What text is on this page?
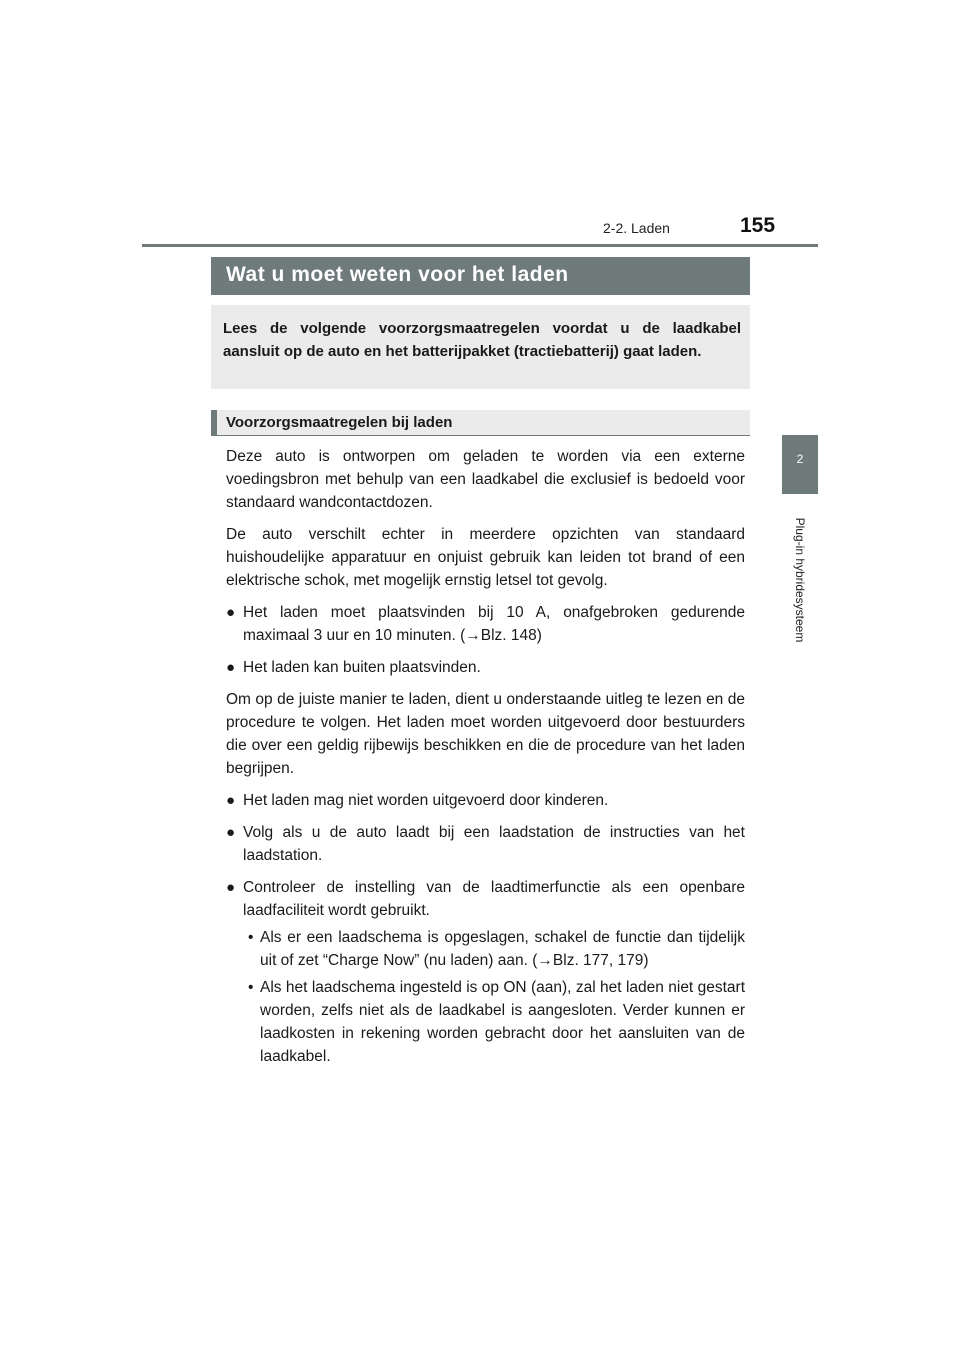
2-2. Laden	155
2
Plug-in hybridesysteem
Wat u moet weten voor het laden
Lees de volgende voorzorgsmaatregelen voordat u de laadkabel aansluit op de auto en het batterijpakket (tractiebatterij) gaat laden.
Voorzorgsmaatregelen bij laden

Deze auto is ontworpen om geladen te worden via een externe voedingsbron met behulp van een laadkabel die exclusief is bedoeld voor standaard wandcontactdozen.

De auto verschilt echter in meerdere opzichten van standaard huishoudelijke apparatuur en onjuist gebruik kan leiden tot brand of een elektrische schok, met mogelijk ernstig letsel tot gevolg.

● Het laden moet plaatsvinden bij 10 A, onafgebroken gedurende maximaal 3 uur en 10 minuten. (→Blz. 148)
● Het laden kan buiten plaatsvinden.

Om op de juiste manier te laden, dient u onderstaande uitleg te lezen en de procedure te volgen. Het laden moet worden uitgevoerd door bestuurders die over een geldig rijbewijs beschikken en die de procedure van het laden begrijpen.

● Het laden mag niet worden uitgevoerd door kinderen.
● Volg als u de auto laadt bij een laadstation de instructies van het laadstation.
● Controleer de instelling van de laadtimerfunctie als een openbare laadfaciliteit wordt gebruikt.
• Als er een laadschema is opgeslagen, schakel de functie dan tijdelijk uit of zet “Charge Now” (nu laden) aan. (→Blz. 177, 179)
• Als het laadschema ingesteld is op ON (aan), zal het laden niet gestart worden, zelfs niet als de laadkabel is aangesloten. Verder kunnen er laadkosten in rekening worden gebracht door het aansluiten van de laadkabel.
